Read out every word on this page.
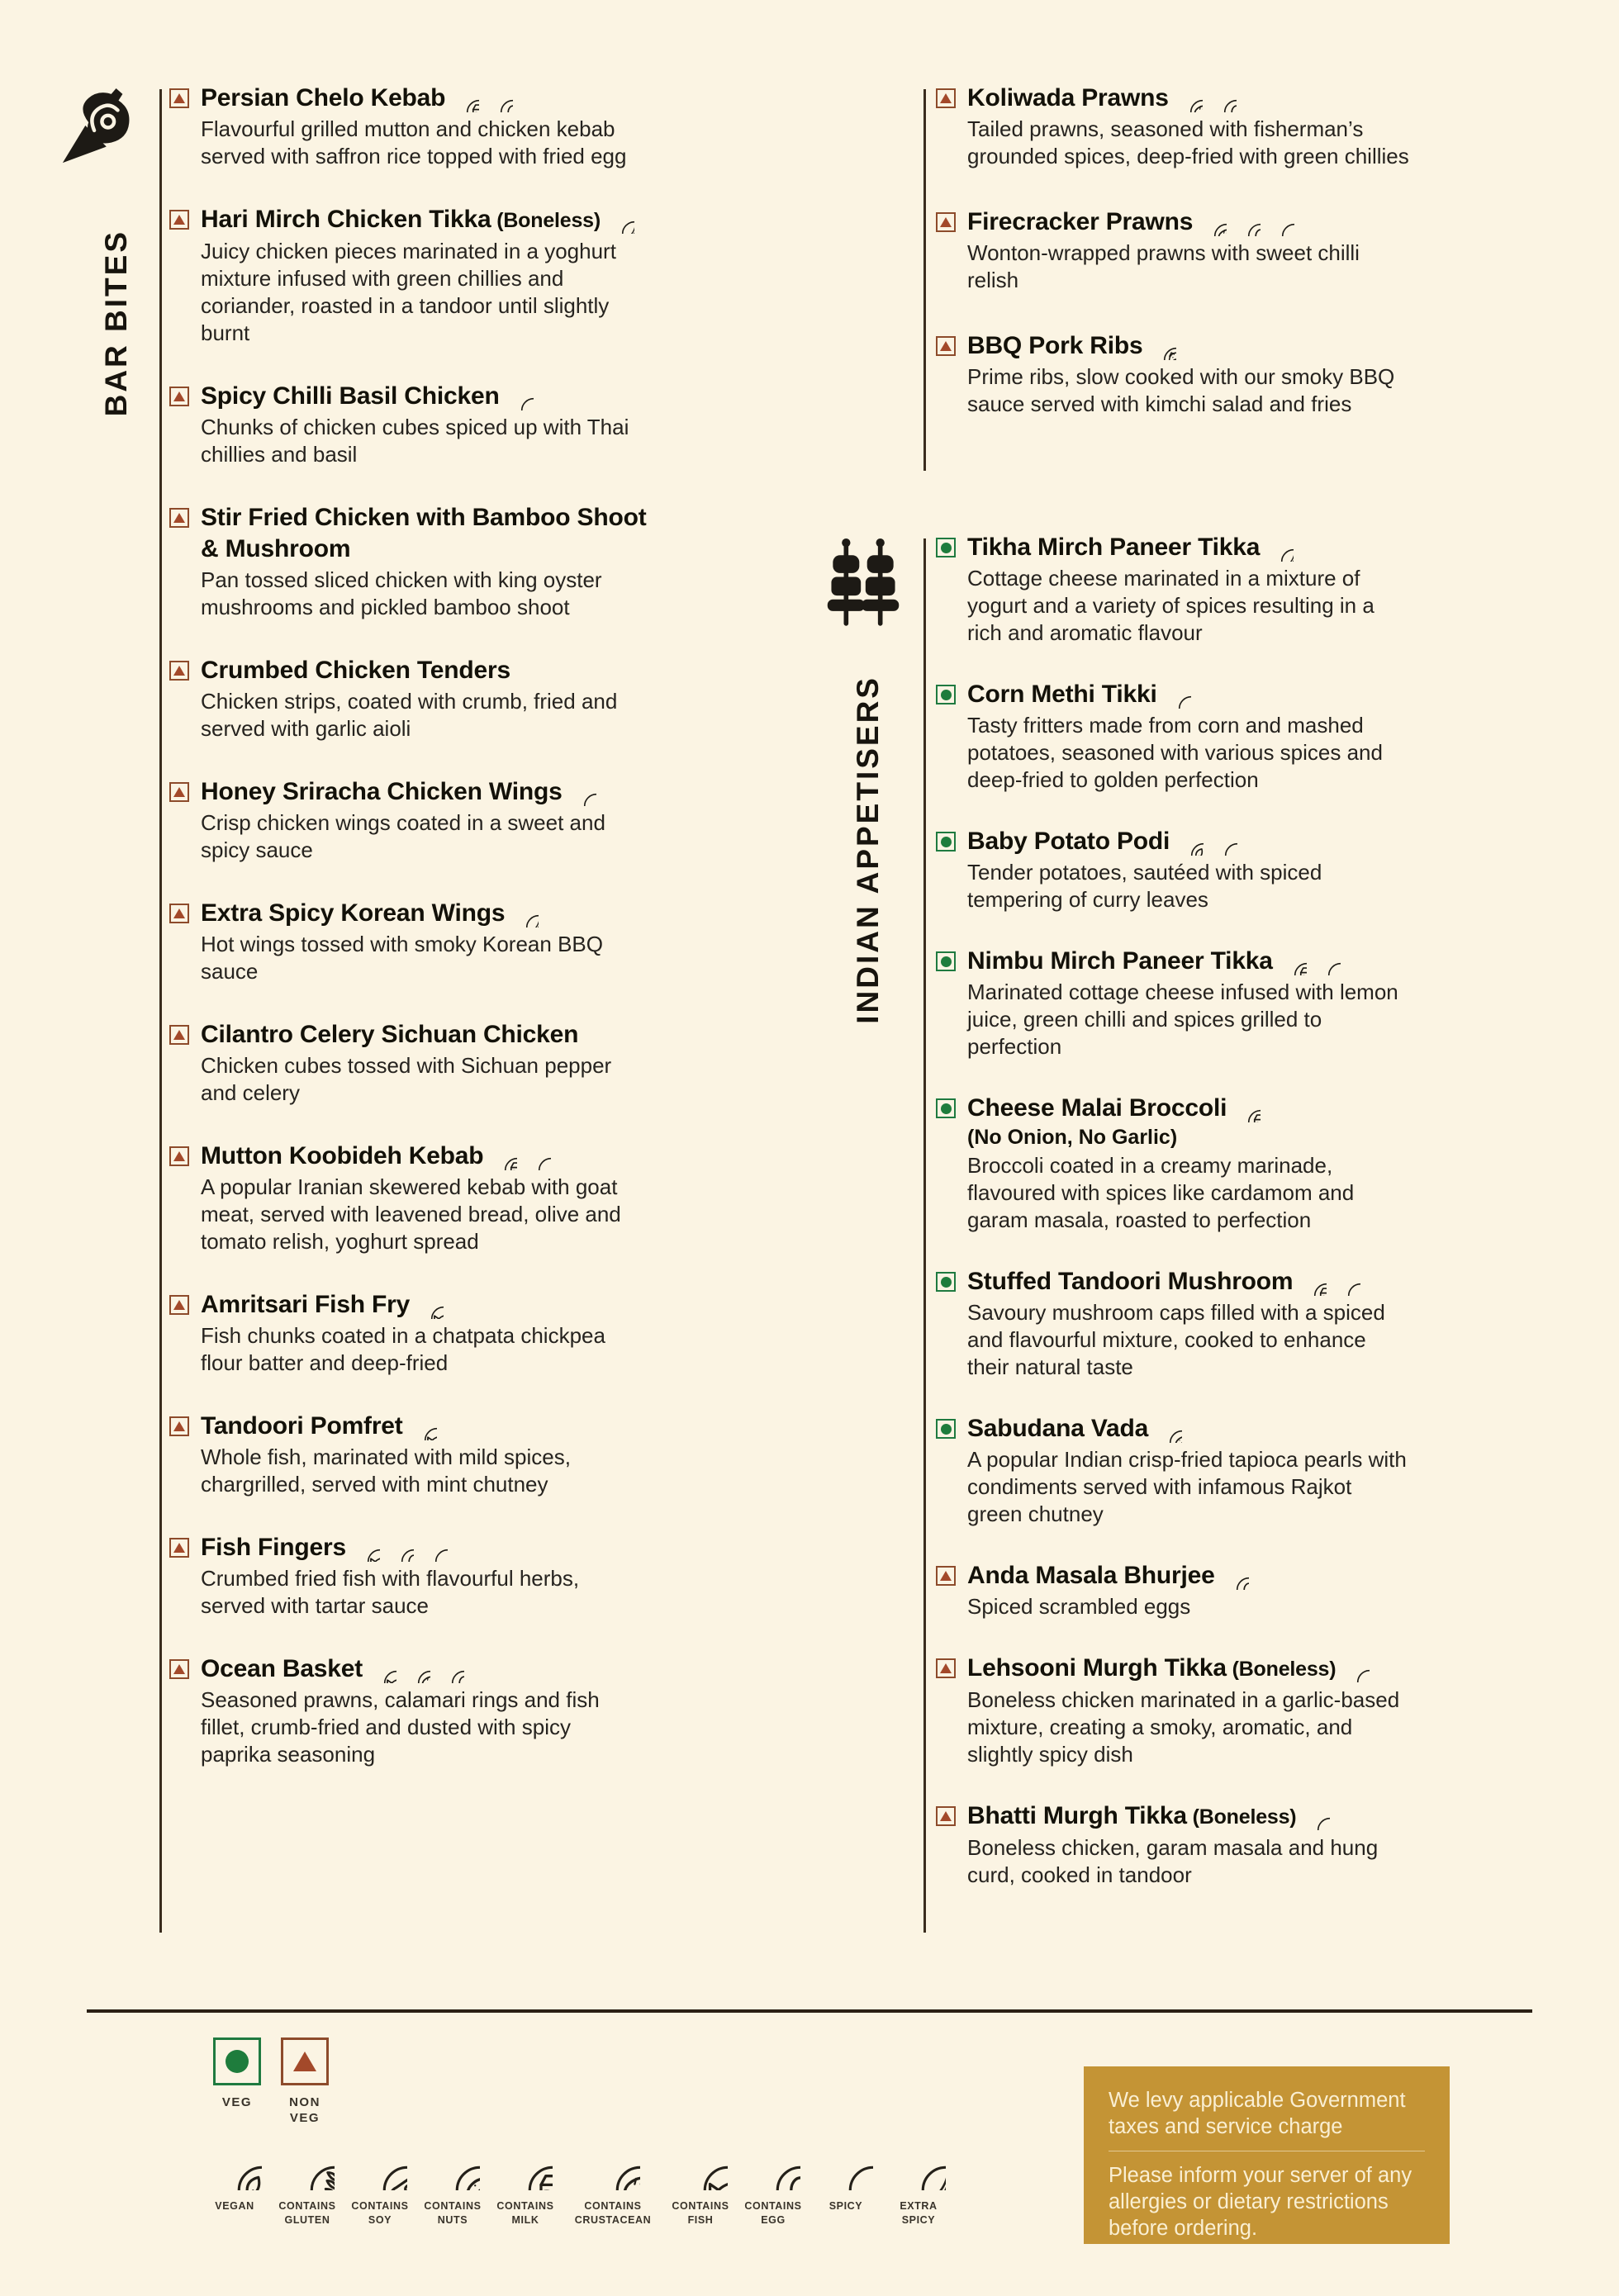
BAR BITES
Persian Chelo Kebab
Flavourful grilled mutton and chicken kebab served with saffron rice topped with fried egg
Hari Mirch Chicken Tikka (Boneless)
Juicy chicken pieces marinated in a yoghurt mixture infused with green chillies and coriander, roasted in a tandoor until slightly burnt
Spicy Chilli Basil Chicken
Chunks of chicken cubes spiced up with Thai chillies and basil
Stir Fried Chicken with Bamboo Shoot & Mushroom
Pan tossed sliced chicken with king oyster mushrooms and pickled bamboo shoot
Crumbed Chicken Tenders
Chicken strips, coated with crumb, fried and served with garlic aioli
Honey Sriracha Chicken Wings
Crisp chicken wings coated in a sweet and spicy sauce
Extra Spicy Korean Wings
Hot wings tossed with smoky Korean BBQ sauce
Cilantro Celery Sichuan Chicken
Chicken cubes tossed with Sichuan pepper and celery
Mutton Koobideh Kebab
A popular Iranian skewered kebab with goat meat, served with leavened bread, olive and tomato relish, yoghurt spread
Amritsari Fish Fry
Fish chunks coated in a chatpata chickpea flour batter and deep-fried
Tandoori Pomfret
Whole fish, marinated with mild spices, chargrilled, served with mint chutney
Fish Fingers
Crumbed fried fish with flavourful herbs, served with tartar sauce
Ocean Basket
Seasoned prawns, calamari rings and fish fillet, crumb-fried and dusted with spicy paprika seasoning
Koliwada Prawns
Tailed prawns, seasoned with fisherman’s grounded spices, deep-fried with green chillies
Firecracker Prawns
Wonton-wrapped prawns with sweet chilli relish
BBQ Pork Ribs
Prime ribs, slow cooked with our smoky BBQ sauce served with kimchi salad and fries
INDIAN APPETISERS
Tikha Mirch Paneer Tikka
Cottage cheese marinated in a mixture of yogurt and a variety of spices resulting in a rich and aromatic flavour
Corn Methi Tikki
Tasty fritters made from corn and mashed potatoes, seasoned with various spices and deep-fried to golden perfection
Baby Potato Podi
Tender potatoes, sautéed with spiced tempering of curry leaves
Nimbu Mirch Paneer Tikka
Marinated cottage cheese infused with lemon juice, green chilli and spices grilled to perfection
Cheese Malai Broccoli
(No Onion, No Garlic)
Broccoli coated in a creamy marinade, flavoured with spices like cardamom and garam masala, roasted to perfection
Stuffed Tandoori Mushroom
Savoury mushroom caps filled with a spiced and flavourful mixture, cooked to enhance their natural taste
Sabudana Vada
A popular Indian crisp-fried tapioca pearls with condiments served with infamous Rajkot green chutney
Anda Masala Bhurjee
Spiced scrambled eggs
Lehsooni Murgh Tikka (Boneless)
Boneless chicken marinated in a garlic-based mixture, creating a smoky, aromatic, and slightly spicy dish
Bhatti Murgh Tikka (Boneless)
Boneless chicken, garam masala and hung curd, cooked in tandoor
VEG	NON VEG
VEGAN	CONTAINS GLUTEN
CONTAINS SOY
CONTAINS NUTS
CONTAINS MILK
CONTAINS CRUSTACEAN
CONTAINS FISH
CONTAINS EGG
SPICY	EXTRA SPICY
We levy applicable Government taxes and service charge
Please inform your server of any allergies or dietary restrictions before ordering.
